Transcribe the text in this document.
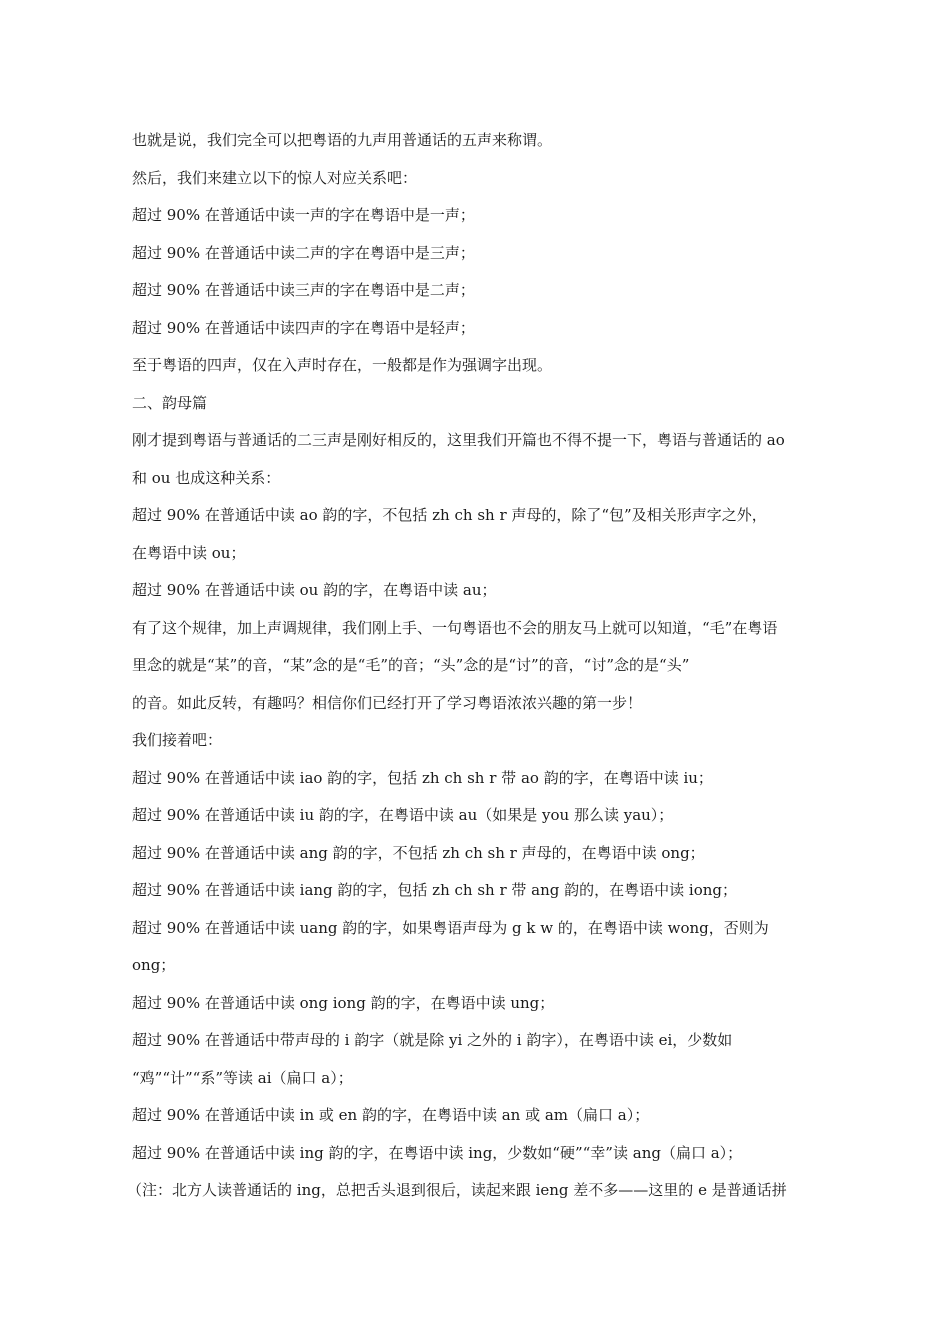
也就是说，我们完全可以把粤语的九声用普通话的五声来称谓。
然后，我们来建立以下的惊人对应关系吧：
超过 90% 在普通话中读一声的字在粤语中是一声；
超过 90% 在普通话中读二声的字在粤语中是三声；
超过 90% 在普通话中读三声的字在粤语中是二声；
超过 90% 在普通话中读四声的字在粤语中是轻声；
至于粤语的四声，仅在入声时存在，一般都是作为强调字出现。
二、韵母篇
刚才提到粤语与普通话的二三声是刚好相反的，这里我们开篇也不得不提一下，粤语与普通话的 ao
和 ou 也成这种关系：
超过 90% 在普通话中读 ao 韵的字，不包括 zh ch sh r 声母的，除了“包”及相关形声字之外，
在粤语中读 ou；
超过 90% 在普通话中读 ou 韵的字，在粤语中读 au；
有了这个规律，加上声调规律，我们刚上手、一句粤语也不会的朋友马上就可以知道，“毛”在粤语
里念的就是“某”的音，“某”念的是“毛”的音；“头”念的是“讨”的音，“讨”念的是“头”
的音。如此反转，有趣吗？相信你们已经打开了学习粤语浓浓兴趣的第一步！
我们接着吧：
超过 90% 在普通话中读 iao 韵的字，包括 zh ch sh r 带 ao 韵的字，在粤语中读 iu；
超过 90% 在普通话中读 iu 韵的字，在粤语中读 au（如果是 you 那么读 yau）；
超过 90% 在普通话中读 ang 韵的字，不包括 zh ch sh r 声母的，在粤语中读 ong；
超过 90% 在普通话中读 iang 韵的字，包括 zh ch sh r 带 ang 韵的，在粤语中读 iong；
超过 90% 在普通话中读 uang 韵的字，如果粤语声母为 g k w 的，在粤语中读 wong，否则为
ong；
超过 90% 在普通话中读 ong iong 韵的字，在粤语中读 ung；
超过 90% 在普通话中带声母的 i 韵字（就是除 yi 之外的 i 韵字），在粤语中读 ei，少数如
“鸡”“计”“系”等读 ai（扁口 a）；
超过 90% 在普通话中读 in 或 en 韵的字，在粤语中读 an 或 am（扁口 a）；
超过 90% 在普通话中读 ing 韵的字，在粤语中读 ing，少数如“硬”“幸”读 ang（扁口 a）；
（注：北方人读普通话的 ing，总把舌头退到很后，读起来跟 ieng 差不多——这里的 e 是普通话拼
